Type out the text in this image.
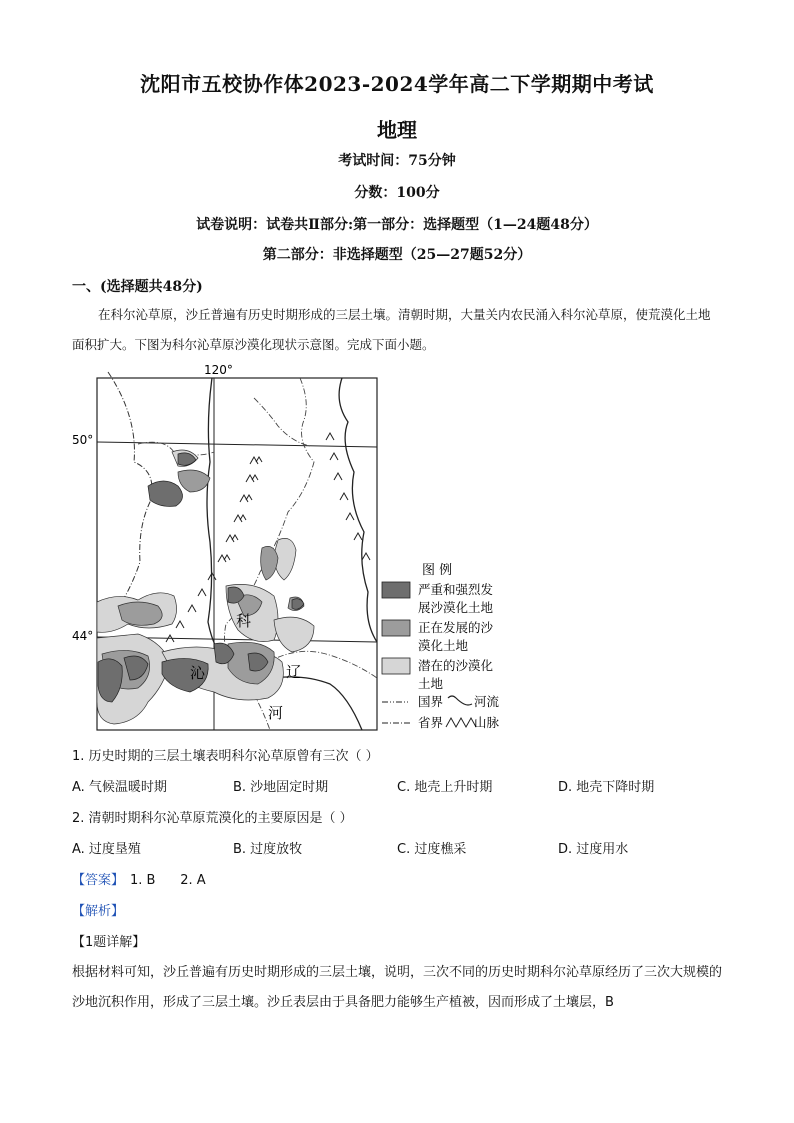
沈阳市五校协作体2023-2024学年高二下学期期中考试
地理
考试时间：75分钟
分数：100分
试卷说明：试卷共Ⅱ部分:第一部分：选择题型（1—24题48分）
第二部分：非选择题型（25—27题52分）
一、(选择题共48分)
在科尔沁草原，沙丘普遍有历史时期形成的三层土壤。清朝时期，大量关内农民涌入科尔沁草原，使荒漠化土地面积扩大。下图为科尔沁草原沙漠化现状示意图。完成下面小题。
120°
50°
44°
科
沁	辽
河
图 例
严重和强烈发
展沙漠化土地
正在发展的沙
漠化土地
潜在的沙漠化
土地
国界 河流
省界 山脉
1. 历史时期的三层土壤表明科尔沁草原曾有三次（ ）
A. 气候温暖时期	B. 沙地固定时期	C. 地壳上升时期	D. 地壳下降时期
2. 清朝时期科尔沁草原荒漠化的主要原因是（ ）
A. 过度垦殖	B. 过度放牧	C. 过度樵采	D. 过度用水
【答案】 1. B      2. A
【解析】
【1题详解】
根据材料可知，沙丘普遍有历史时期形成的三层土壤，说明，三次不同的历史时期科尔沁草原经历了三次大规模的沙地沉积作用，形成了三层土壤。沙丘表层由于具备肥力能够生产植被，因而形成了土壤层，B
